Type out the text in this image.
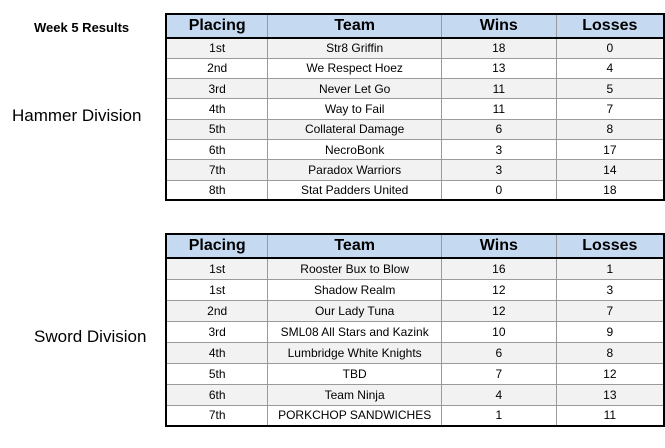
Week 5 Results
Hammer Division
Sword Division
Placing	Team	Wins	Losses
1st	Str8 Griffin	18	0
2nd	We Respect Hoez	13	4
3rd	Never Let Go	11	5
4th	Way to Fail	11	7
5th	Collateral Damage	6	8
6th	NecroBonk	3	17
7th	Paradox Warriors	3	14
8th	Stat Padders United	0	18
Placing	Team	Wins	Losses
1st	Rooster Bux to Blow	16	1
1st	Shadow Realm	12	3
2nd	Our Lady Tuna	12	7
3rd	SML08 All Stars and Kazink	10	9
4th	Lumbridge White Knights	6	8
5th	TBD	7	12
6th	Team Ninja	4	13
7th	PORKCHOP SANDWICHES	1	11
